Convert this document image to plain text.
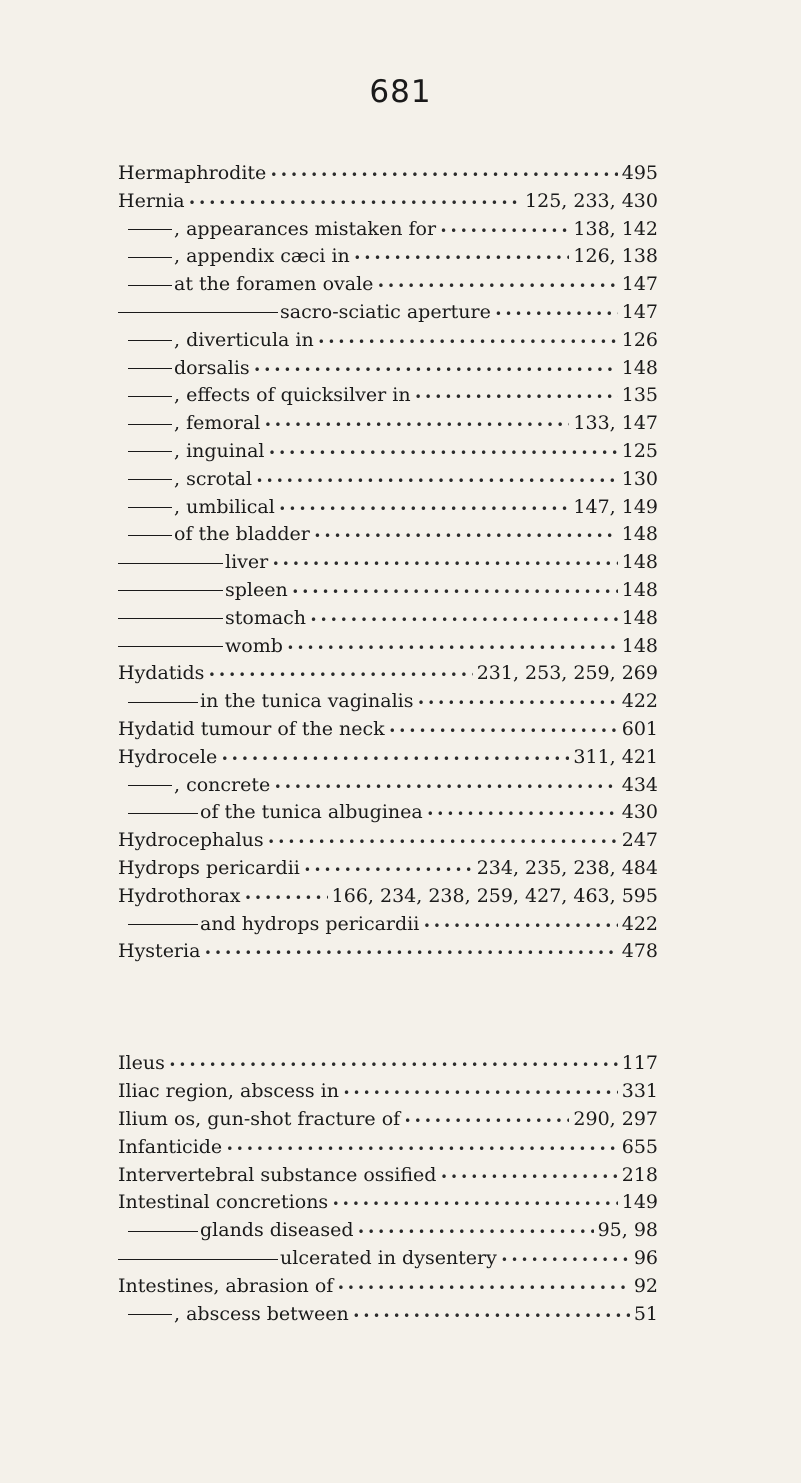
681
Hermaphrodite •••••	495
Hernia •••••	125, 233, 430
, appearances mistaken for •••••	138, 142
, appendix cæci in •••••	126, 138
at the foramen ovale •••••	147
sacro-sciatic aperture •••••	147
, diverticula in •••••	126
dorsalis •••••	148
, effects of quicksilver in •••••	135
, femoral •••••	133, 147
, inguinal •••••	125
, scrotal •••••	130
, umbilical •••••	147, 149
of the bladder •••••	148
liver •••••	148
spleen •••••	148
stomach •••••	148
womb •••••	148
Hydatids •••••	231, 253, 259, 269
in the tunica vaginalis •••••	422
Hydatid tumour of the neck •••••	601
Hydrocele •••••	311, 421
, concrete •••••	434
of the tunica albuginea •••••	430
Hydrocephalus •••••	247
Hydrops pericardii •••••	234, 235, 238, 484
Hydrothorax •••••	166, 234, 238, 259, 427, 463, 595
and hydrops pericardii •••••	422
Hysteria •••••	478
Ileus •••••	117
Iliac region, abscess in •••••	331
Ilium os, gun-shot fracture of •••••	290, 297
Infanticide •••••	655
Intervertebral substance ossified •••••	218
Intestinal concretions •••••	149
glands diseased •••••	95, 98
ulcerated in dysentery •••••	96
Intestines, abrasion of •••••	92
, abscess between •••••	51
